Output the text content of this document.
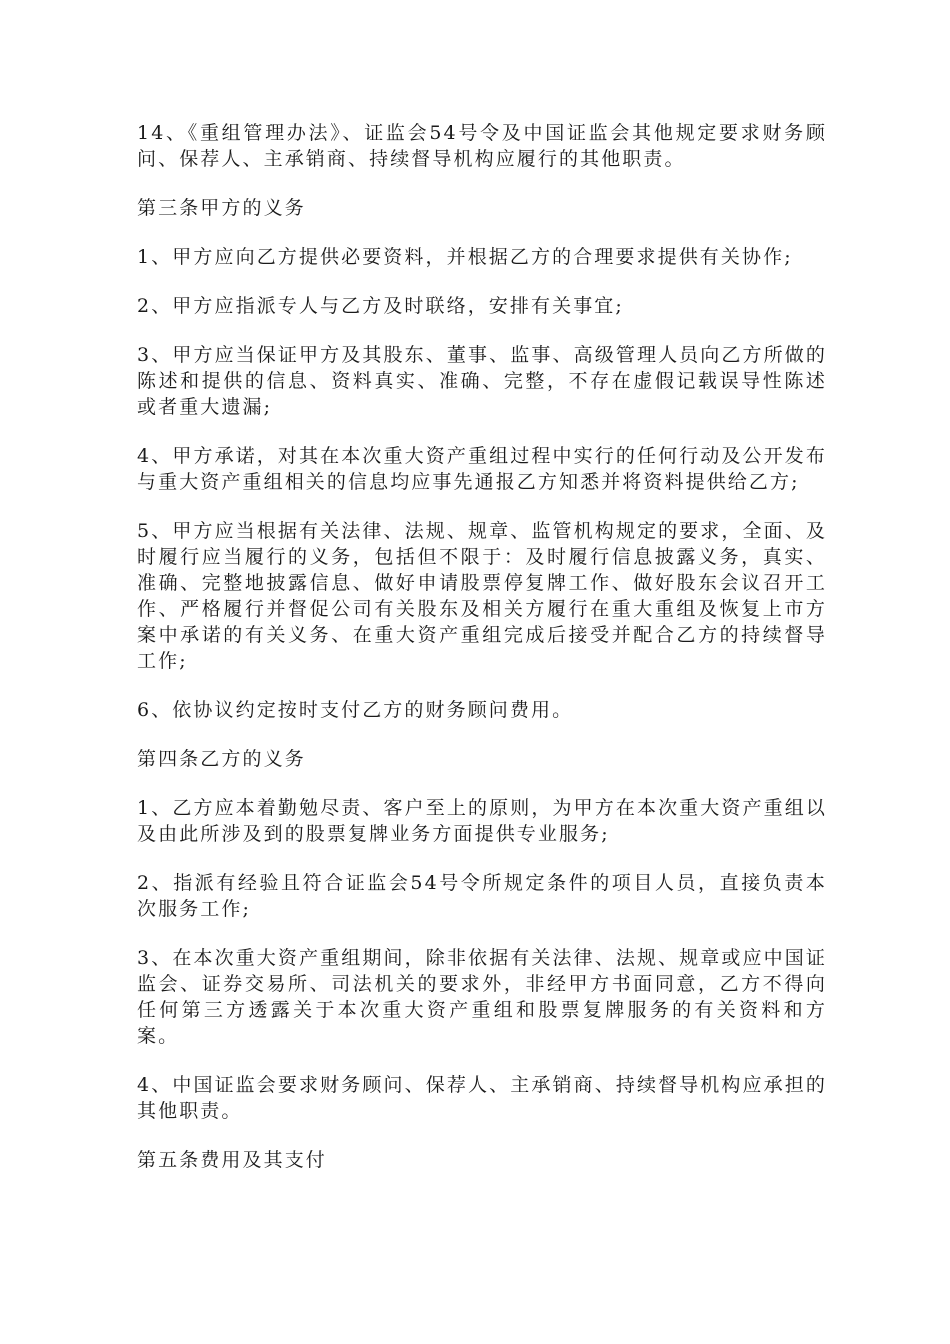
14、《重组管理办法》、证监会54号令及中国证监会其他规定要求财务顾问、保荐人、主承销商、持续督导机构应履行的其他职责。

第三条甲方的义务

1、甲方应向乙方提供必要资料，并根据乙方的合理要求提供有关协作;

2、甲方应指派专人与乙方及时联络，安排有关事宜;

3、甲方应当保证甲方及其股东、董事、监事、高级管理人员向乙方所做的陈述和提供的信息、资料真实、准确、完整，不存在虚假记载误导性陈述或者重大遗漏;

4、甲方承诺，对其在本次重大资产重组过程中实行的任何行动及公开发布与重大资产重组相关的信息均应事先通报乙方知悉并将资料提供给乙方;

5、甲方应当根据有关法律、法规、规章、监管机构规定的要求，全面、及时履行应当履行的义务，包括但不限于：及时履行信息披露义务，真实、准确、完整地披露信息、做好申请股票停复牌工作、做好股东会议召开工作、严格履行并督促公司有关股东及相关方履行在重大重组及恢复上市方案中承诺的有关义务、在重大资产重组完成后接受并配合乙方的持续督导工作;

6、依协议约定按时支付乙方的财务顾问费用。

第四条乙方的义务

1、乙方应本着勤勉尽责、客户至上的原则，为甲方在本次重大资产重组以及由此所涉及到的股票复牌业务方面提供专业服务;

2、指派有经验且符合证监会54号令所规定条件的项目人员，直接负责本次服务工作;

3、在本次重大资产重组期间，除非依据有关法律、法规、规章或应中国证监会、证券交易所、司法机关的要求外，非经甲方书面同意，乙方不得向任何第三方透露关于本次重大资产重组和股票复牌服务的有关资料和方案。

4、中国证监会要求财务顾问、保荐人、主承销商、持续督导机构应承担的其他职责。

第五条费用及其支付
